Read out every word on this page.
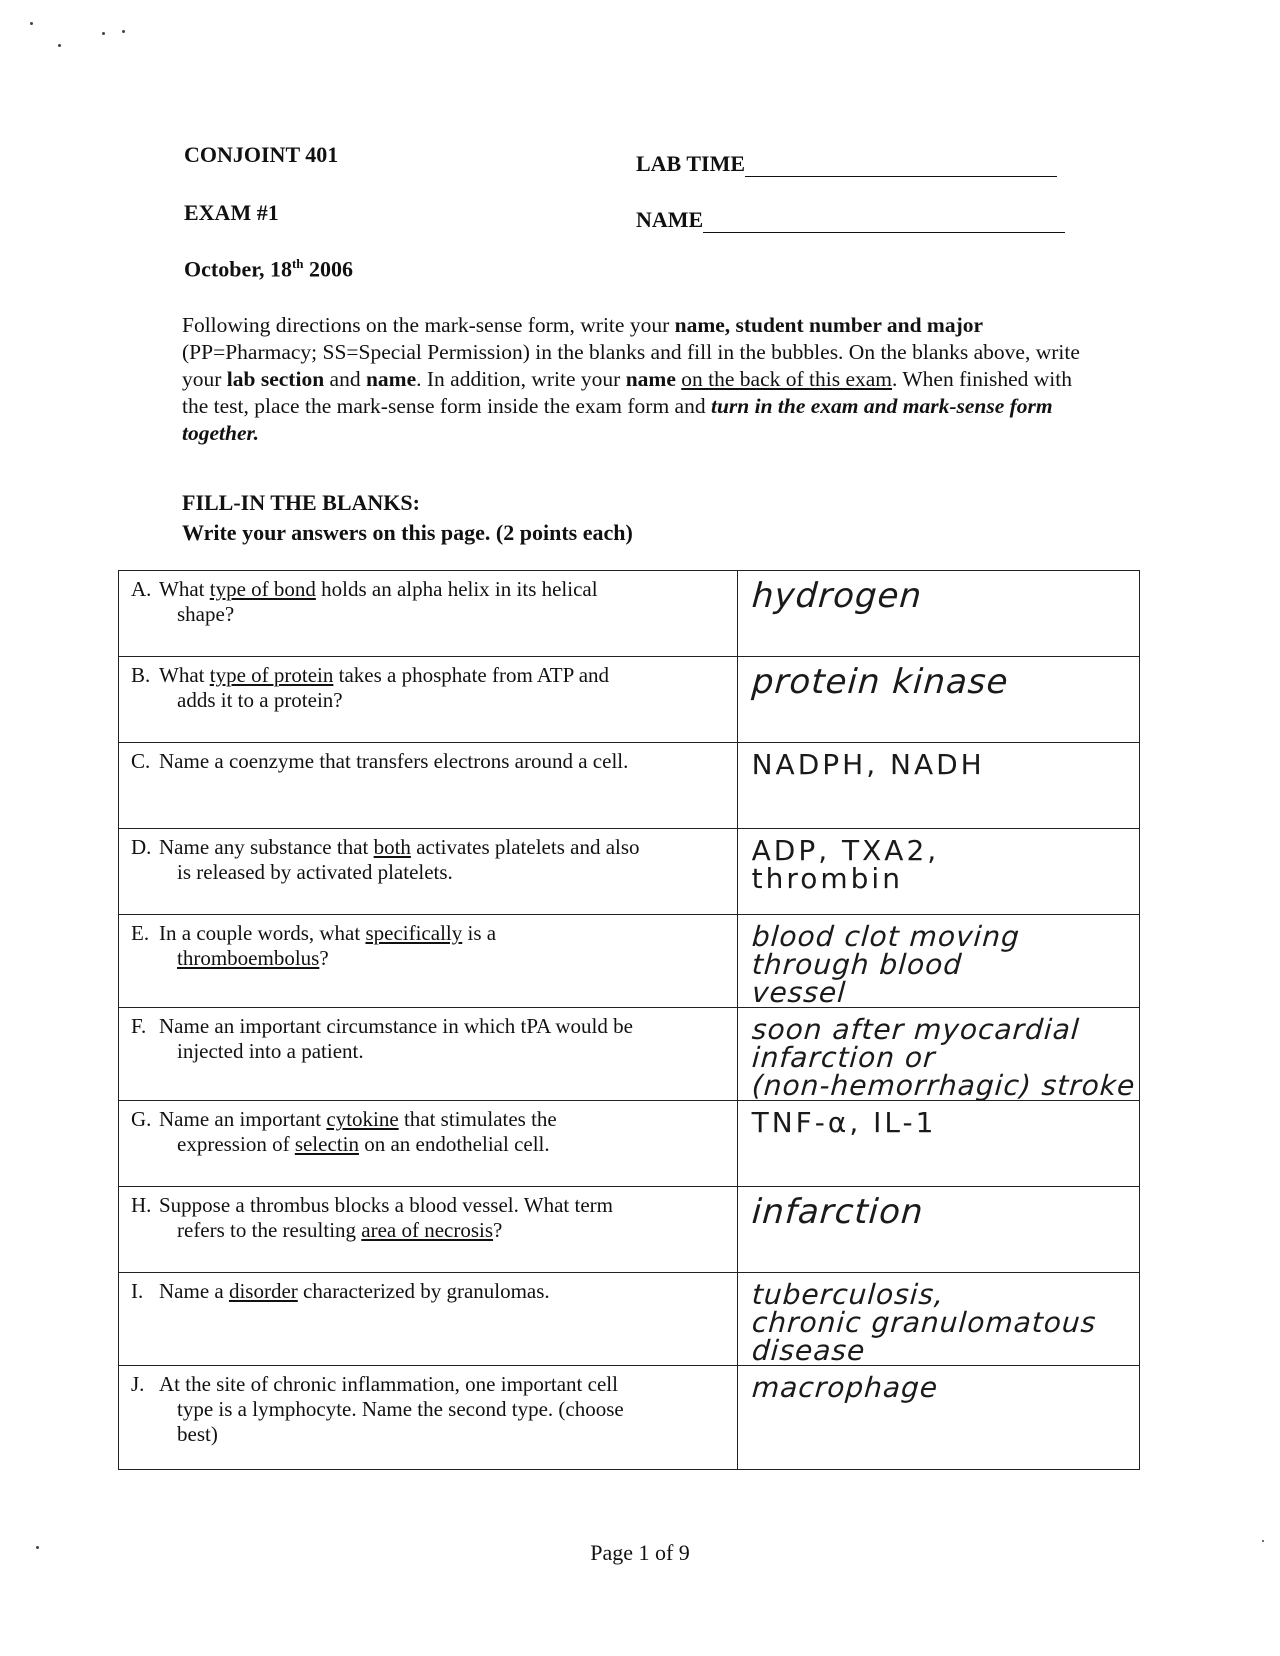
CONJOINT 401
EXAM #1
October, 18th 2006
LAB TIME
NAME
Following directions on the mark-sense form, write your name, student number and major (PP=Pharmacy; SS=Special Permission) in the blanks and fill in the bubbles. On the blanks above, write your lab section and name. In addition, write your name on the back of this exam. When finished with the test, place the mark-sense form inside the exam form and turn in the exam and mark-sense form together.
FILL-IN THE BLANKS:
Write your answers on this page. (2 points each)
A. What type of bond holds an alpha helix in its helical
shape?	hydrogen

B. What type of protein takes a phosphate from ATP and
adds it to a protein?	protein kinase

C. Name a coenzyme that transfers electrons around a cell.	NADPH, NADH

D. Name any substance that both activates platelets and also
is released by activated platelets.	ADP, TXA2,
thrombin

E. In a couple words, what specifically is a
thromboembolus?	blood clot moving
through blood
vessel

F. Name an important circumstance in which tPA would be
injected into a patient.	soon after myocardial
infarction or
(non-hemorrhagic) stroke

G. Name an important cytokine that stimulates the
expression of selectin on an endothelial cell.	TNF-α, IL-1

H. Suppose a thrombus blocks a blood vessel. What term
refers to the resulting area of necrosis?	infarction

I. Name a disorder characterized by granulomas.	tuberculosis,
chronic granulomatous
disease

J. At the site of chronic inflammation, one important cell
type is a lymphocyte. Name the second type. (choose
best)	macrophage
Page 1 of 9
